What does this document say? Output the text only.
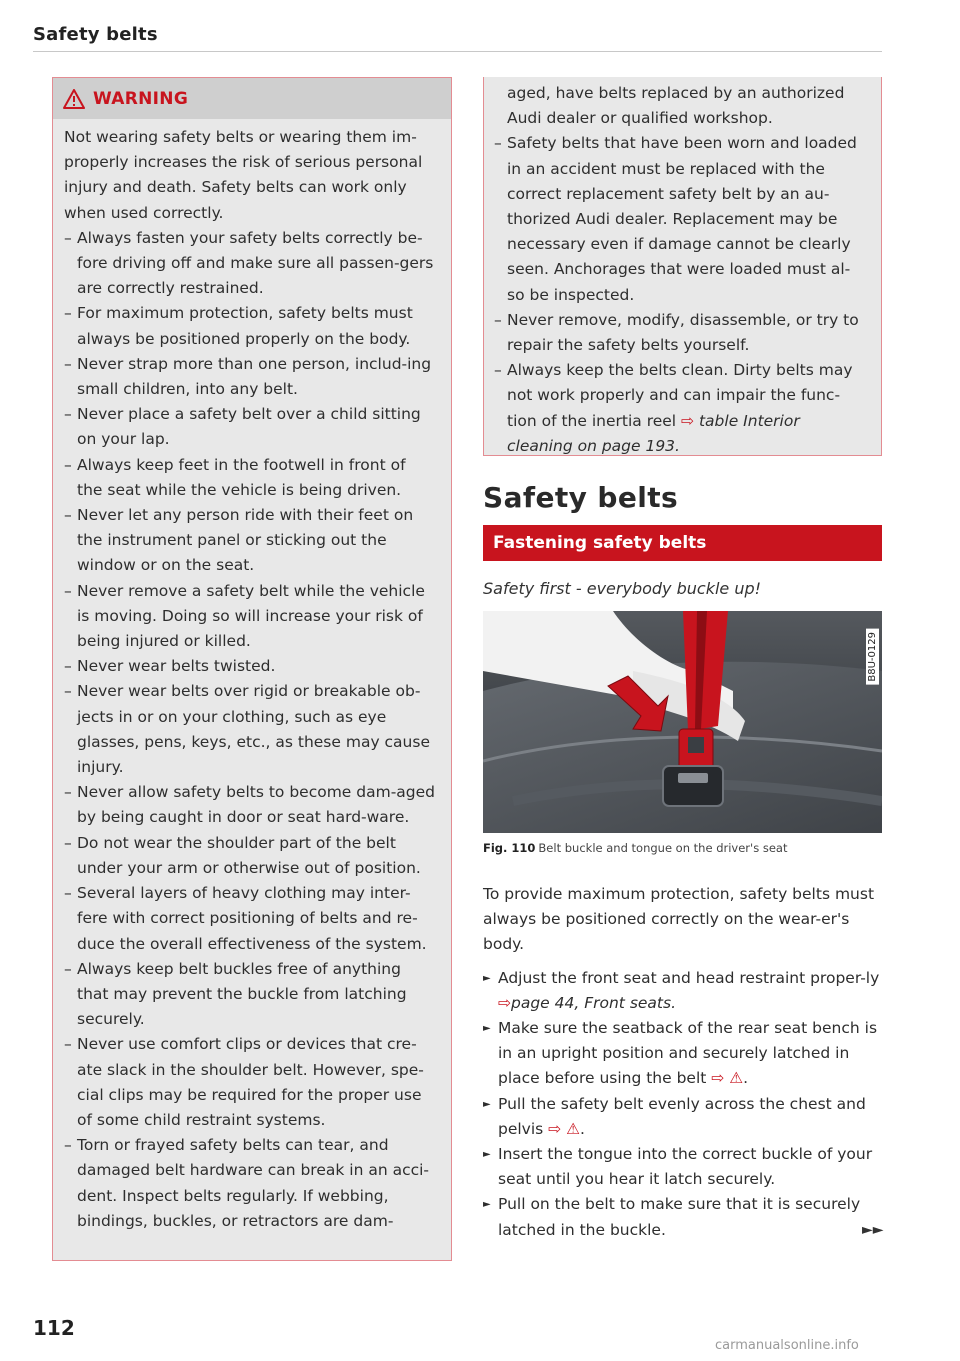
Safety belts
WARNING

Not wearing safety belts or wearing them im-properly increases the risk of serious personal injury and death. Safety belts can work only when used correctly.

– Always fasten your safety belts correctly be-fore driving off and make sure all passen-gers are correctly restrained.
– For maximum protection, safety belts must always be positioned properly on the body.
– Never strap more than one person, includ-ing small children, into any belt.
– Never place a safety belt over a child sitting on your lap.
– Always keep feet in the footwell in front of the seat while the vehicle is being driven.
– Never let any person ride with their feet on the instrument panel or sticking out the window or on the seat.
– Never remove a safety belt while the vehicle is moving. Doing so will increase your risk of being injured or killed.
– Never wear belts twisted.
– Never wear belts over rigid or breakable ob-jects in or on your clothing, such as eye glasses, pens, keys, etc., as these may cause injury.
– Never allow safety belts to become dam-aged by being caught in door or seat hard-ware.
– Do not wear the shoulder part of the belt under your arm or otherwise out of position.
– Several layers of heavy clothing may inter-fere with correct positioning of belts and re-duce the overall effectiveness of the system.
– Always keep belt buckles free of anything that may prevent the buckle from latching securely.
– Never use comfort clips or devices that cre-ate slack in the shoulder belt. However, spe-cial clips may be required for the proper use of some child restraint systems.
– Torn or frayed safety belts can tear, and damaged belt hardware can break in an acci-dent. Inspect belts regularly. If webbing, bindings, buckles, or retractors are dam-

aged, have belts replaced by an authorized Audi dealer or qualified workshop.

– Safety belts that have been worn and loaded in an accident must be replaced with the correct replacement safety belt by an au-thorized Audi dealer. Replacement may be necessary even if damage cannot be clearly seen. Anchorages that were loaded must al-so be inspected.
– Never remove, modify, disassemble, or try to repair the safety belts yourself.
– Always keep the belts clean. Dirty belts may not work properly and can impair the func-tion of the inertia reel ⇨ table Interior cleaning on page 193.
Safety belts
Fastening safety belts
Safety first - everybody buckle up!
B8U-0129
Fig. 110 Belt buckle and tongue on the driver's seat

To provide maximum protection, safety belts must always be positioned correctly on the wear-er's body.

► Adjust the front seat and head restraint proper-ly ⇨page 44, Front seats.
► Make sure the seatback of the rear seat bench is in an upright position and securely latched in place before using the belt ⇨ ⚠.
► Pull the safety belt evenly across the chest and pelvis ⇨ ⚠.
► Insert the tongue into the correct buckle of your seat until you hear it latch securely.
► Pull on the belt to make sure that it is securely latched in the buckle.	►►
112
carmanualsonline.info
